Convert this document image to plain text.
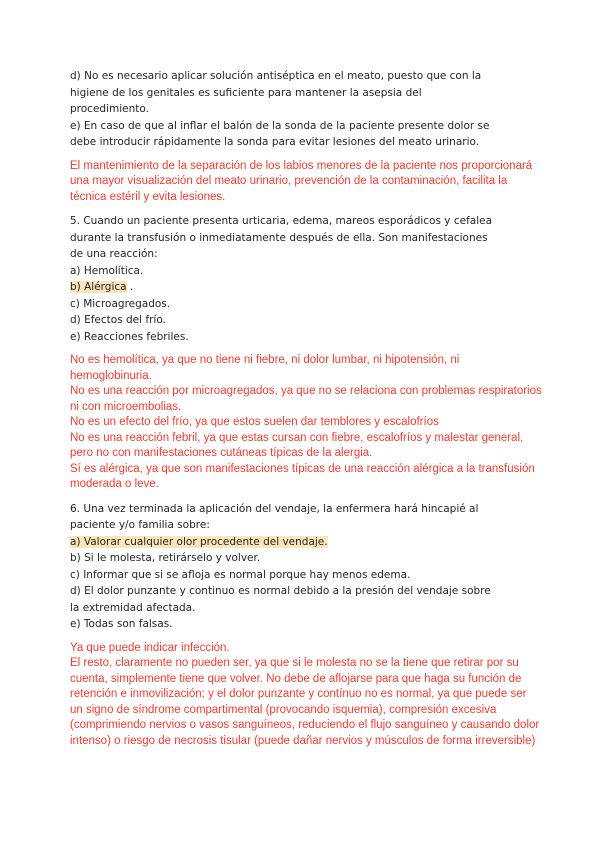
d) No es necesario aplicar solución antiséptica en el meato, puesto que con la
higiene de los genitales es suficiente para mantener la asepsia del
procedimiento.
e) En caso de que al inflar el balón de la sonda de la paciente presente dolor se
debe introducir rápidamente la sonda para evitar lesiones del meato urinario.
El mantenimiento de la separación de los labios menores de la paciente nos proporcionará
una mayor visualización del meato urinario, prevención de la contaminación, facilita la
técnica estéril y evita lesiones.
5. Cuando un paciente presenta urticaria, edema, mareos esporádicos y cefalea
durante la transfusión o inmediatamente después de ella. Son manifestaciones
de una reacción:
a) Hemolítica.
b) Alérgica .
c) Microagregados.
d) Efectos del frío.
e) Reacciones febriles.
No es hemolítica, ya que no tiene ni fiebre, ni dolor lumbar, ni hipotensión, ni
hemoglobinuria.
No es una reacción por microagregados, ya que no se relaciona con problemas respiratorios
ni con microembolias.
No es un efecto del frío, ya que estos suelen dar temblores y escalofríos
No es una reacción febril, ya que estas cursan con fiebre, escalofríos y malestar general,
pero no con manifestaciones cutáneas típicas de la alergia.
Sí es alérgica, ya que son manifestaciones típicas de una reacción alérgica a la transfusión
moderada o leve.
6. Una vez terminada la aplicación del vendaje, la enfermera hará hincapié al
paciente y/o familia sobre:
a) Valorar cualquier olor procedente del vendaje.
b) Si le molesta, retirárselo y volver.
c) Informar que si se afloja es normal porque hay menos edema.
d) El dolor punzante y continuo es normal debido a la presión del vendaje sobre
la extremidad afectada.
e) Todas son falsas.
Ya que puede indicar infección.
El resto, claramente no pueden ser, ya que si le molesta no se la tiene que retirar por su
cuenta, simplemente tiene que volver. No debe de aflojarse para que haga su función de
retención e inmovilización; y el dolor punzante y contínuo no es normal, ya que puede ser
un signo de síndrome compartimental (provocando isquemia), compresión excesiva
(comprimiendo nervios o vasos sanguíneos, reduciendo el flujo sanguíneo y causando dolor
intenso) o riesgo de necrosis tisular (puede dañar nervios y músculos de forma irreversible)
